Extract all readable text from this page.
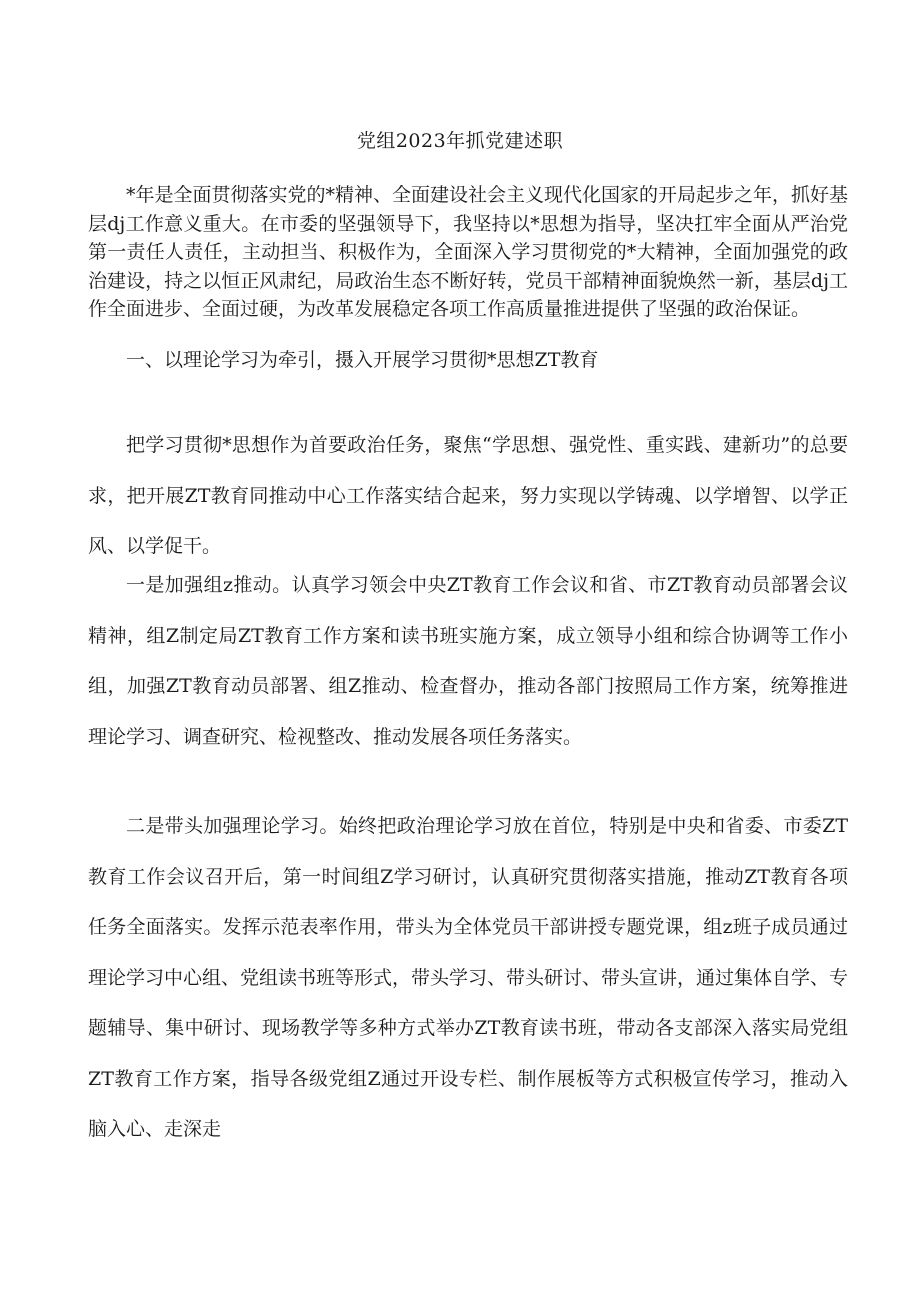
党组2023年抓党建述职

*年是全面贯彻落实党的*精神、全面建设社会主义现代化国家的开局起步之年，抓好基层dj工作意义重大。在市委的坚强领导下，我坚持以*思想为指导，坚决扛牢全面从严治党第一责任人责任，主动担当、积极作为，全面深入学习贯彻党的*大精神，全面加强党的政治建设，持之以恒正风肃纪，局政治生态不断好转，党员干部精神面貌焕然一新，基层dj工作全面进步、全面过硬，为改革发展稳定各项工作高质量推进提供了坚强的政治保证。

一、以理论学习为牵引，摄入开展学习贯彻*思想ZT教育

把学习贯彻*思想作为首要政治任务，聚焦“学思想、强党性、重实践、建新功”的总要求，把开展ZT教育同推动中心工作落实结合起来，努力实现以学铸魂、以学增智、以学正风、以学促干。

一是加强组z推动。认真学习领会中央ZT教育工作会议和省、市ZT教育动员部署会议精神，组Z制定局ZT教育工作方案和读书班实施方案，成立领导小组和综合协调等工作小组，加强ZT教育动员部署、组Z推动、检查督办，推动各部门按照局工作方案，统筹推进理论学习、调查研究、检视整改、推动发展各项任务落实。

二是带头加强理论学习。始终把政治理论学习放在首位，特别是中央和省委、市委ZT教育工作会议召开后，第一时间组Z学习研讨，认真研究贯彻落实措施，推动ZT教育各项任务全面落实。发挥示范表率作用，带头为全体党员干部讲授专题党课，组z班子成员通过理论学习中心组、党组读书班等形式，带头学习、带头研讨、带头宣讲，通过集体自学、专题辅导、集中研讨、现场教学等多种方式举办ZT教育读书班，带动各支部深入落实局党组ZT教育工作方案，指导各级党组Z通过开设专栏、制作展板等方式积极宣传学习，推动入脑入心、走深走
